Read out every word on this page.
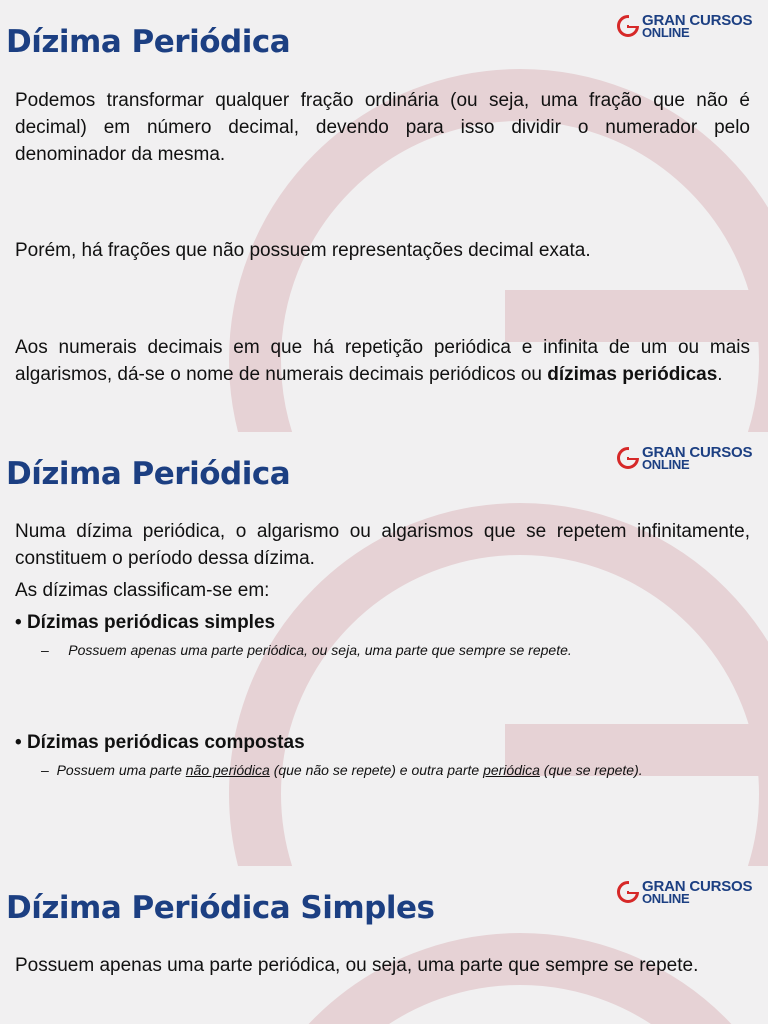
Dízima Periódica
GRAN CURSOS
ONLINE

Podemos transformar qualquer fração ordinária (ou seja, uma fração que não é decimal) em número decimal, devendo para isso dividir o numerador pelo denominador da mesma.

Porém, há frações que não possuem representações decimal exata.

Aos numerais decimais em que há repetição periódica e infinita de um ou mais algarismos, dá-se o nome de numerais decimais periódicos ou dízimas periódicas.

Dízima Periódica
GRAN CURSOS
ONLINE

Numa dízima periódica, o algarismo ou algarismos que se repetem infinitamente, constituem o período dessa dízima.

As dízimas classificam-se em:

• Dízimas periódicas simples

– Possuem apenas uma parte periódica, ou seja, uma parte que sempre se repete.

• Dízimas periódicas compostas

– Possuem uma parte não periódica (que não se repete) e outra parte periódica (que se repete).

Dízima Periódica Simples
GRAN CURSOS
ONLINE

Possuem apenas uma parte periódica, ou seja, uma parte que sempre se repete.
